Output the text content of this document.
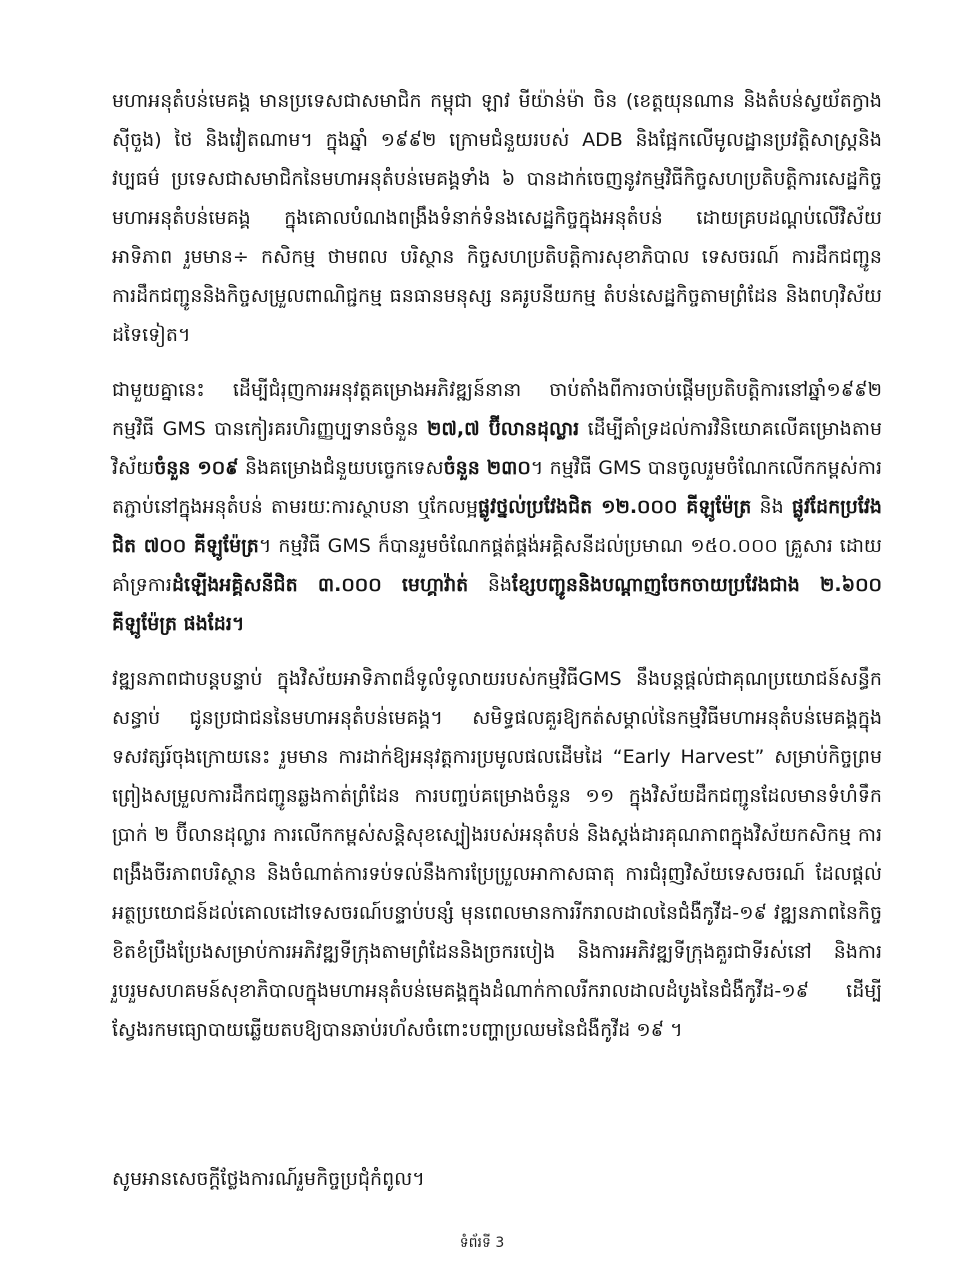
មហាអនុតំបន់មេគង្គ មានប្រទេសជាសមាជិក កម្ពុជា ឡាវ មីយ៉ាន់ម៉ា ចិន (ខេត្តយុនណាន និងតំបន់ស្វយ័តក្វាងស៊ីចួង) ថៃ និងវៀតណាម។ ក្នុងឆ្នាំ ១៩៩២ ក្រោមជំនួយរបស់ ADB និងផ្អែកលើមូលដ្ឋានប្រវត្តិសាស្ត្រនិងវប្បធម៌ ប្រទេសជាសមាជិកនៃមហាអនុតំបន់មេគង្គទាំង ៦ បានដាក់ចេញនូវកម្មវិធីកិច្ចសហប្រតិបត្តិការសេដ្ឋកិច្ចមហាអនុតំបន់មេគង្គ ក្នុងគោលបំណងពង្រឹងទំនាក់ទំនងសេដ្ឋកិច្ចក្នុងអនុតំបន់ ដោយគ្របដណ្ដប់លើវិស័យអាទិភាព រួមមាន÷ កសិកម្ម ថាមពល បរិស្ថាន កិច្ចសហប្រតិបត្តិការសុខាភិបាល ទេសចរណ៍ ការដឹកជញ្ជូន ការដឹកជញ្ជូននិងកិច្ចសម្រួលពាណិជ្ជកម្ម ធនធានមនុស្ស នគរូបនីយកម្ម តំបន់សេដ្ឋកិច្ចតាមព្រំដែន និងពហុវិស័យដទៃទៀត។

ជាមួយគ្នានេះ ដើម្បីជំរុញការអនុវត្តគម្រោងអភិវឌ្ឍន៍នានា ចាប់តាំងពីការចាប់ផ្ដើមប្រតិបត្តិការនៅឆ្នាំ១៩៩២ កម្មវិធី GMS បានកៀរគរហិរញ្ញប្បទានចំនួន ២៧,៧ ប៊ីលានដុល្លារ ដើម្បីគាំទ្រដល់ការវិនិយោគលើគម្រោងតាមវិស័យចំនួន ១០៩ និងគម្រោងជំនួយបច្ចេកទេសចំនួន ២៣០។ កម្មវិធី GMS បានចូលរួមចំណែកលើកកម្ពស់ការតភ្ជាប់នៅក្នុងអនុតំបន់ តាមរយៈការស្ថាបនា ឬកែលម្អផ្លូវថ្នល់ប្រវែងជិត ១២.០០០ គីឡូម៉ែត្រ និង ផ្លូវដែកប្រវែងជិត ៧០០ គីឡូម៉ែត្រ។ កម្មវិធី GMS ក៏បានរួមចំណែកផ្គត់ផ្គង់អគ្គិសនីដល់ប្រមាណ ១៥០.០០០ គ្រួសារ ដោយគាំទ្រការដំឡើងអគ្គិសនីជិត ៣.០០០ មេហ្គាវ៉ាត់ និងខ្សែបញ្ជូននិងបណ្ដាញចែកចាយប្រវែងជាង ២.៦០០ គីឡូម៉ែត្រ ផងដែរ។

វឌ្ឍនភាពជាបន្តបន្ទាប់ ក្នុងវិស័យអាទិភាពដ៏ទូលំទូលាយរបស់កម្មវិធីGMS នឹងបន្តផ្ដល់ជាគុណប្រយោជន៍សន្ធឹកសន្ធាប់ ជូនប្រជាជននៃមហាអនុតំបន់មេគង្គ។ សមិទ្ធផលគួរឱ្យកត់សម្គាល់នៃកម្មវិធីមហាអនុតំបន់មេគង្គក្នុងទសវត្សរ៍ចុងក្រោយនេះ រួមមាន ការដាក់ឱ្យអនុវត្តការប្រមូលផលដើមដៃ “Early Harvest” សម្រាប់កិច្ចព្រមព្រៀងសម្រួលការដឹកជញ្ជូនឆ្លងកាត់ព្រំដែន ការបញ្ចប់គម្រោងចំនួន ១១ ក្នុងវិស័យដឹកជញ្ជូនដែលមានទំហំទឹកប្រាក់ ២ ប៊ីលានដុល្លារ ការលើកកម្ពស់សន្តិសុខស្បៀងរបស់អនុតំបន់ និងស្តង់ដារគុណភាពក្នុងវិស័យកសិកម្ម ការពង្រឹងចីរភាពបរិស្ថាន និងចំណាត់ការទប់ទល់នឹងការប្រែប្រួលអាកាសធាតុ ការជំរុញវិស័យទេសចរណ៍ ដែលផ្ដល់អត្ថប្រយោជន៍ដល់គោលដៅទេសចរណ៍បន្ទាប់បន្សំ មុនពេលមានការរីករាលដាលនៃជំងឺកូវីដ-១៩ វឌ្ឍនភាពនៃកិច្ចខិតខំប្រឹងប្រែងសម្រាប់ការអភិវឌ្ឍទីក្រុងតាមព្រំដែននិងច្រករបៀង និងការអភិវឌ្ឍទីក្រុងគួរជាទីរស់នៅ និងការរួបរួមសហគមន៍សុខាភិបាលក្នុងមហាអនុតំបន់មេគង្គក្នុងដំណាក់កាលរីករាលដាលដំបូងនៃជំងឺកូវីដ-១៩ ដើម្បីស្វែងរកមធ្យោបាយឆ្លើយតបឱ្យបានឆាប់រហ័សចំពោះបញ្ហាប្រឈមនៃជំងឺកូវីដ ១៩ ។

សូមអានសេចក្តីថ្លែងការណ៍រួមកិច្ចប្រជុំកំពូល។

ទំព័រទី 3
